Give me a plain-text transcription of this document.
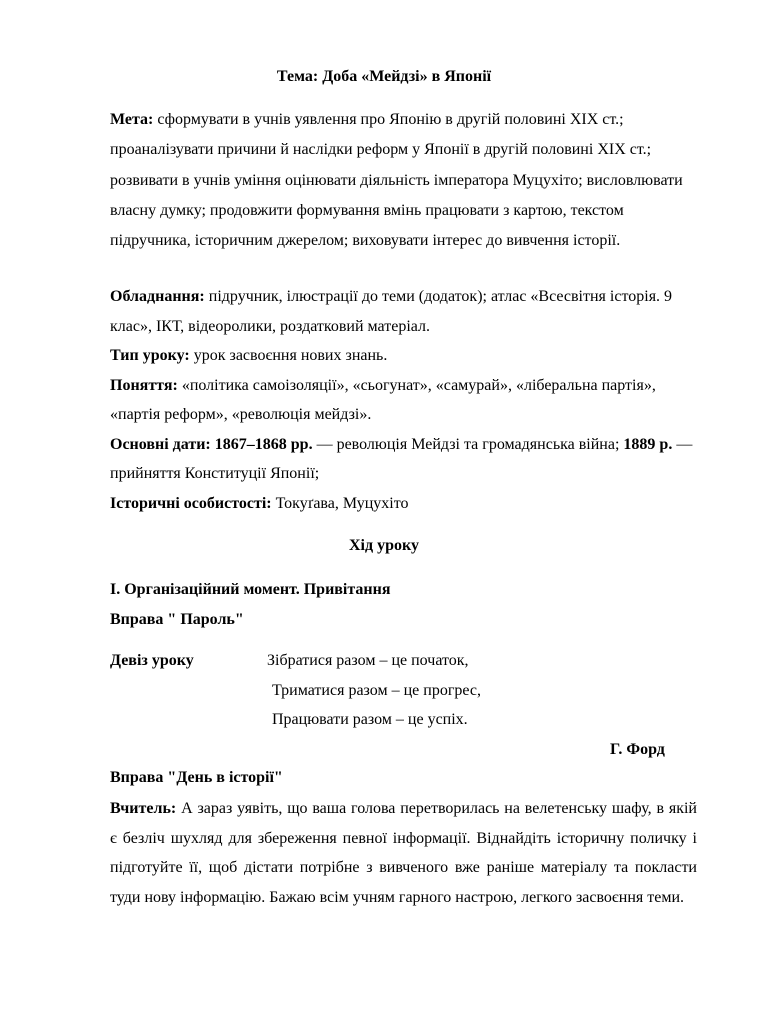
Тема: Доба «Мейдзі» в Японії
Мета: сформувати в учнів уявлення про Японію в другій половині XIX ст.; проаналізувати причини й наслідки реформ у Японії в другій половині XIX ст.; розвивати в учнів уміння оцінювати діяльність імператора Муцухіто; висловлювати власну думку; продовжити формування вмінь працювати з картою, текстом підручника, історичним джерелом; виховувати інтерес до вивчення історії.

Обладнання: підручник, ілюстрації до теми (додаток); атлас «Всесвітня історія. 9 клас», ІКТ, відеоролики, роздатковий матеріал.

Тип уроку: урок засвоєння нових знань.

Поняття: «політика самоізоляції», «сьогунат», «самурай», «ліберальна партія», «партія реформ», «революція мейдзі».

Основні дати: 1867–1868 рр. — революція Мейдзі та громадянська війна; 1889 р. — прийняття Конституції Японії;

Історичні особистості: Токуґава, Муцухіто

Хід уроку
I. Організаційний момент. Привітання
Вправа " Пароль"
Девіз уроку	Зібратися разом – це початок,
Триматися разом – це прогрес,
Працювати разом – це успіх.
Г. Форд
Вправа "День в історії"
Вчитель: А зараз уявіть, що ваша голова перетворилась на велетенську шафу, в якій є безліч шухляд для збереження певної інформації. Віднайдіть історичну поличку і підготуйте її, щоб дістати потрібне з вивченого вже раніше матеріалу та покласти туди нову інформацію. Бажаю всім учням гарного настрою, легкого засвоєння теми.
